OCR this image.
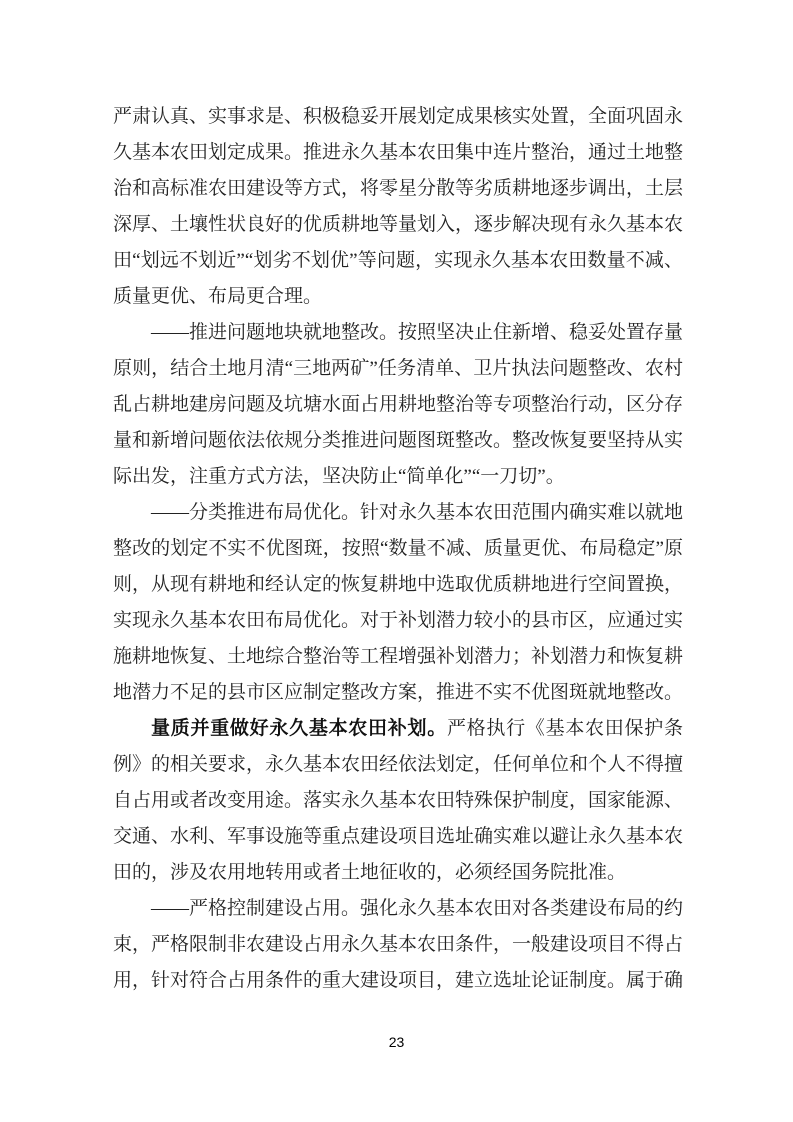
严肃认真、实事求是、积极稳妥开展划定成果核实处置，全面巩固永久基本农田划定成果。推进永久基本农田集中连片整治，通过土地整治和高标准农田建设等方式，将零星分散等劣质耕地逐步调出，土层深厚、土壤性状良好的优质耕地等量划入，逐步解决现有永久基本农田“划远不划近”“划劣不划优”等问题，实现永久基本农田数量不减、质量更优、布局更合理。

——推进问题地块就地整改。按照坚决止住新增、稳妥处置存量原则，结合土地月清“三地两矿”任务清单、卫片执法问题整改、农村乱占耕地建房问题及坑塘水面占用耕地整治等专项整治行动，区分存量和新增问题依法依规分类推进问题图斑整改。整改恢复要坚持从实际出发，注重方式方法，坚决防止“简单化”“一刀切”。

——分类推进布局优化。针对永久基本农田范围内确实难以就地整改的划定不实不优图斑，按照“数量不减、质量更优、布局稳定”原则，从现有耕地和经认定的恢复耕地中选取优质耕地进行空间置换，实现永久基本农田布局优化。对于补划潜力较小的县市区，应通过实施耕地恢复、土地综合整治等工程增强补划潜力；补划潜力和恢复耕地潜力不足的县市区应制定整改方案，推进不实不优图斑就地整改。

量质并重做好永久基本农田补划。严格执行《基本农田保护条例》的相关要求，永久基本农田经依法划定，任何单位和个人不得擅自占用或者改变用途。落实永久基本农田特殊保护制度，国家能源、交通、水利、军事设施等重点建设项目选址确实难以避让永久基本农田的，涉及农用地转用或者土地征收的，必须经国务院批准。

——严格控制建设占用。强化永久基本农田对各类建设布局的约束，严格限制非农建设占用永久基本农田条件，一般建设项目不得占用，针对符合占用条件的重大建设项目，建立选址论证制度。属于确

23
